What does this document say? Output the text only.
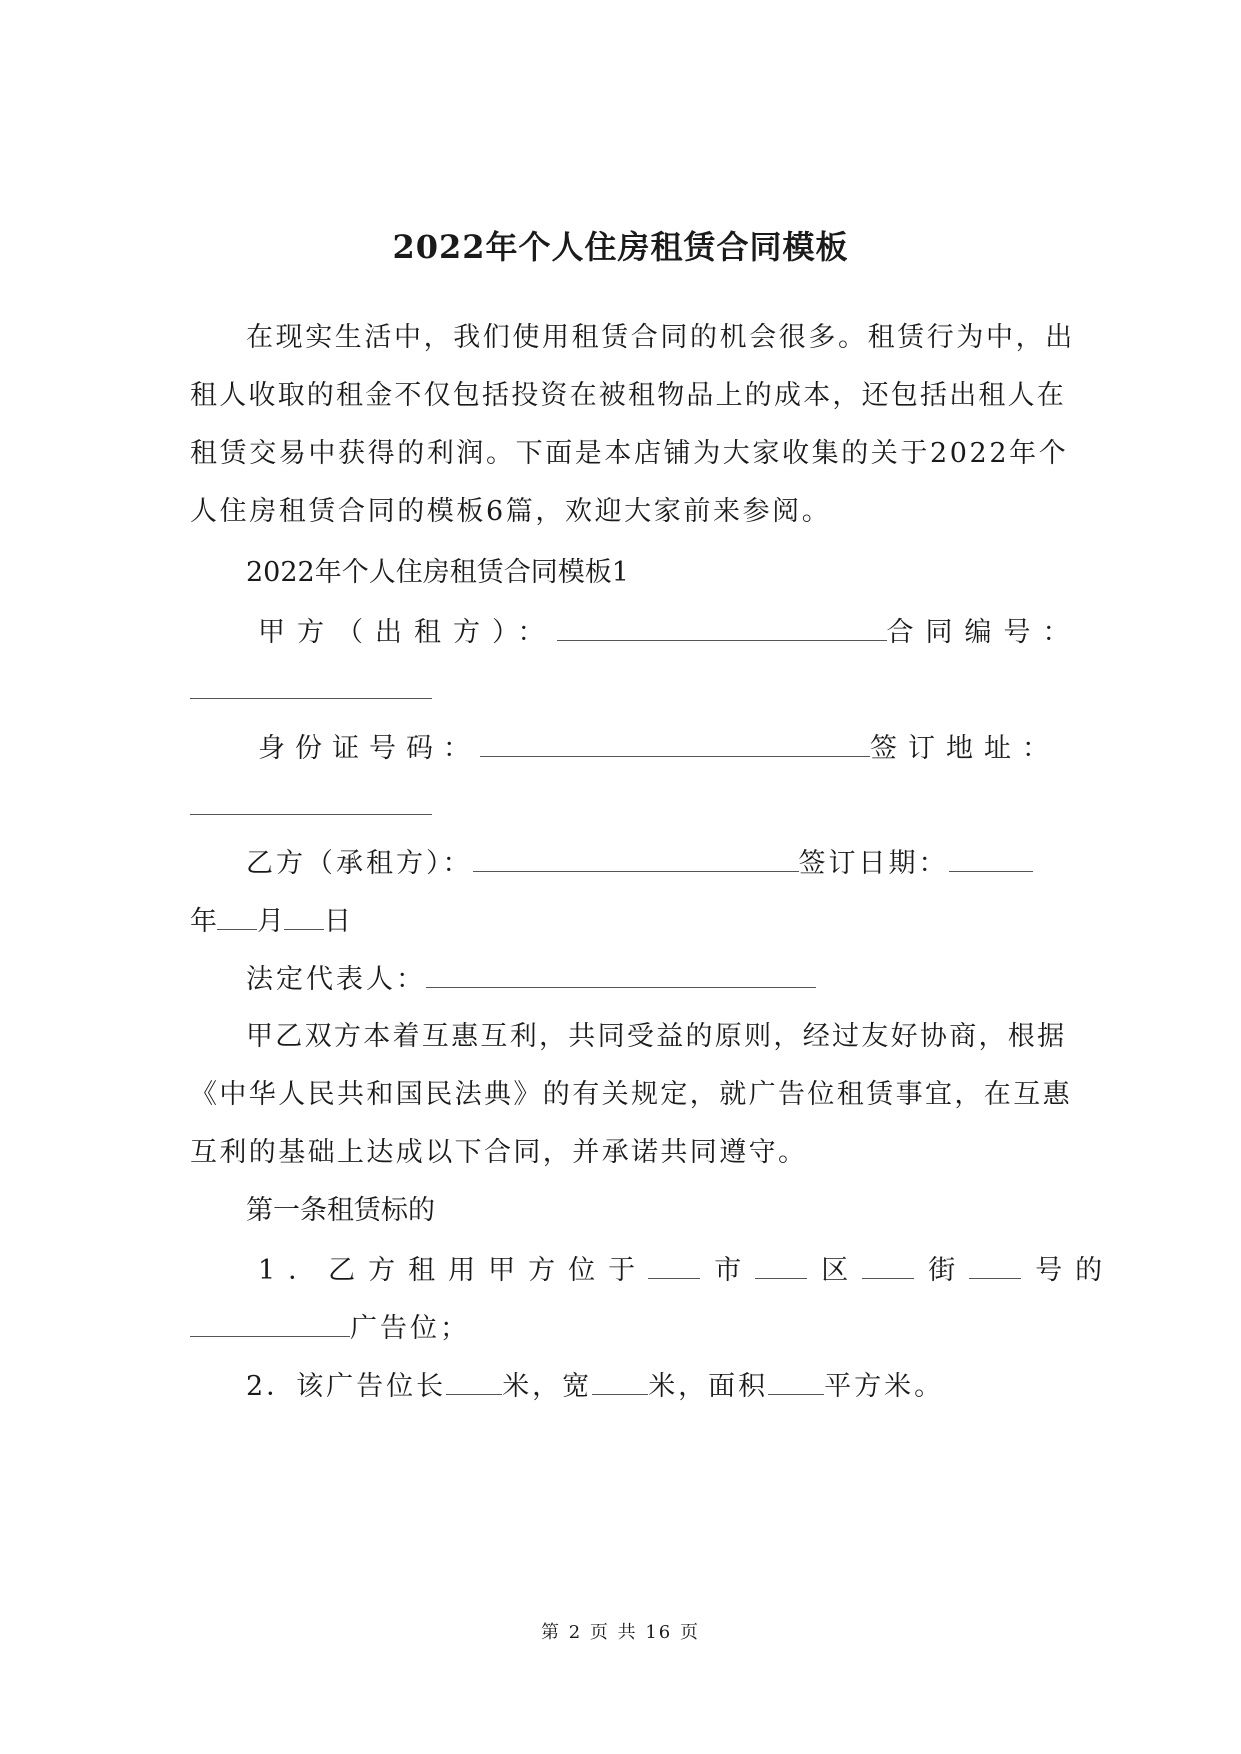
2022年个人住房租赁合同模板
在现实生活中，我们使用租赁合同的机会很多。租赁行为中，出
租人收取的租金不仅包括投资在被租物品上的成本，还包括出租人在
租赁交易中获得的利润。下面是本店铺为大家收集的关于2022年个
人住房租赁合同的模板6篇，欢迎大家前来参阅。
2022年个人住房租赁合同模板1
甲方（出租方）：	合同编号：
身份证号码：	签订地址：
乙方（承租方）：	签订日期：
年 月 日
法定代表人：
甲乙双方本着互惠互利，共同受益的原则，经过友好协商，根据
《中华人民共和国民法典》的有关规定，就广告位租赁事宜，在互惠
互利的基础上达成以下合同，并承诺共同遵守。
第一条租赁标的
1．乙方租用甲方位于 市	区	街	号的
广告位；
2．该广告位长 米，宽 米，面积 平方米。
第 2 页 共 16 页
